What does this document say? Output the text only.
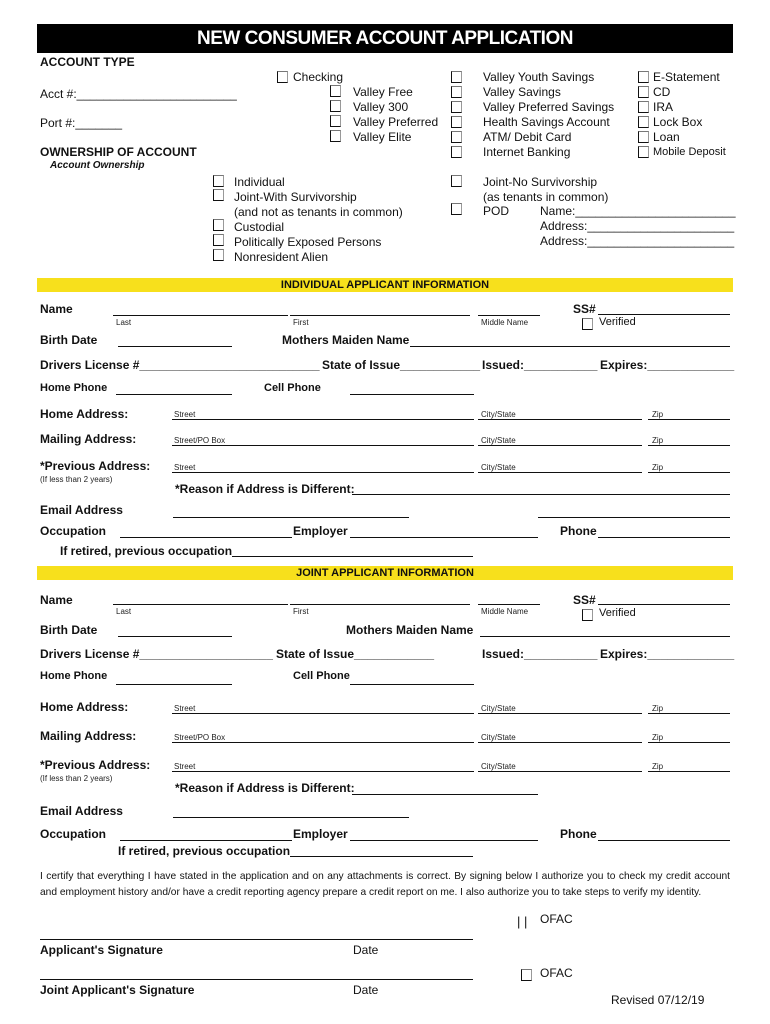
NEW CONSUMER ACCOUNT APPLICATION
ACCOUNT TYPE
Acct #:________________________
Port #:_______
OWNERSHIP OF ACCOUNT
Account Ownership
Checking
Valley Free
Valley 300
Valley Preferred
Valley Elite
Valley Youth Savings
Valley Savings
Valley Preferred Savings
Health Savings Account
ATM/ Debit Card
Internet Banking
E-Statement
CD
IRA
Lock Box
Loan
Mobile Deposit
Individual
Joint-With Survivorship
(and not as tenants in common)
Custodial
Politically Exposed Persons
Nonresident Alien
Joint-No Survivorship
(as tenants in common)
POD	Name:________________________
Address:______________________
Address:______________________
INDIVIDUAL APPLICANT INFORMATION
Name
Last	First	Middle Name
SS#
Verified
Birth Date	Mothers Maiden Name
Drivers License #___________________________ State of Issue____________ Issued:___________ Expires:_____________
Home Phone	Cell Phone
Home Address:	Street	City/State	Zip
Mailing Address:	Street/PO Box	City/State	Zip
*Previous Address:
(If less than 2 years)
Street	City/State	Zip
*Reason if Address is Different:
Email Address
Occupation	Employer	Phone
If retired, previous occupation
JOINT APPLICANT INFORMATION
Name
Last	First	Middle Name
SS#
Verified
Birth Date	Mothers Maiden Name
Drivers License #____________________ State of Issue____________	Issued:___________ Expires:_____________
Home Phone	Cell Phone
Home Address:	Street	City/State	Zip
Mailing Address:	Street/PO Box	City/State	Zip
*Previous Address:
(If less than 2 years)
Street	City/State	Zip
*Reason if Address is Different:
Email Address
Occupation	Employer	Phone
If retired, previous occupation
I certify that everything I have stated in the application and on any attachments is correct. By signing below I authorize you to check my credit account and employment history and/or have a credit reporting agency prepare a credit report on me. I also authorize you to take steps to verify my identity.
| | OFAC
Applicant's Signature	Date
OFAC
Joint Applicant's Signature	Date
Revised 07/12/19
